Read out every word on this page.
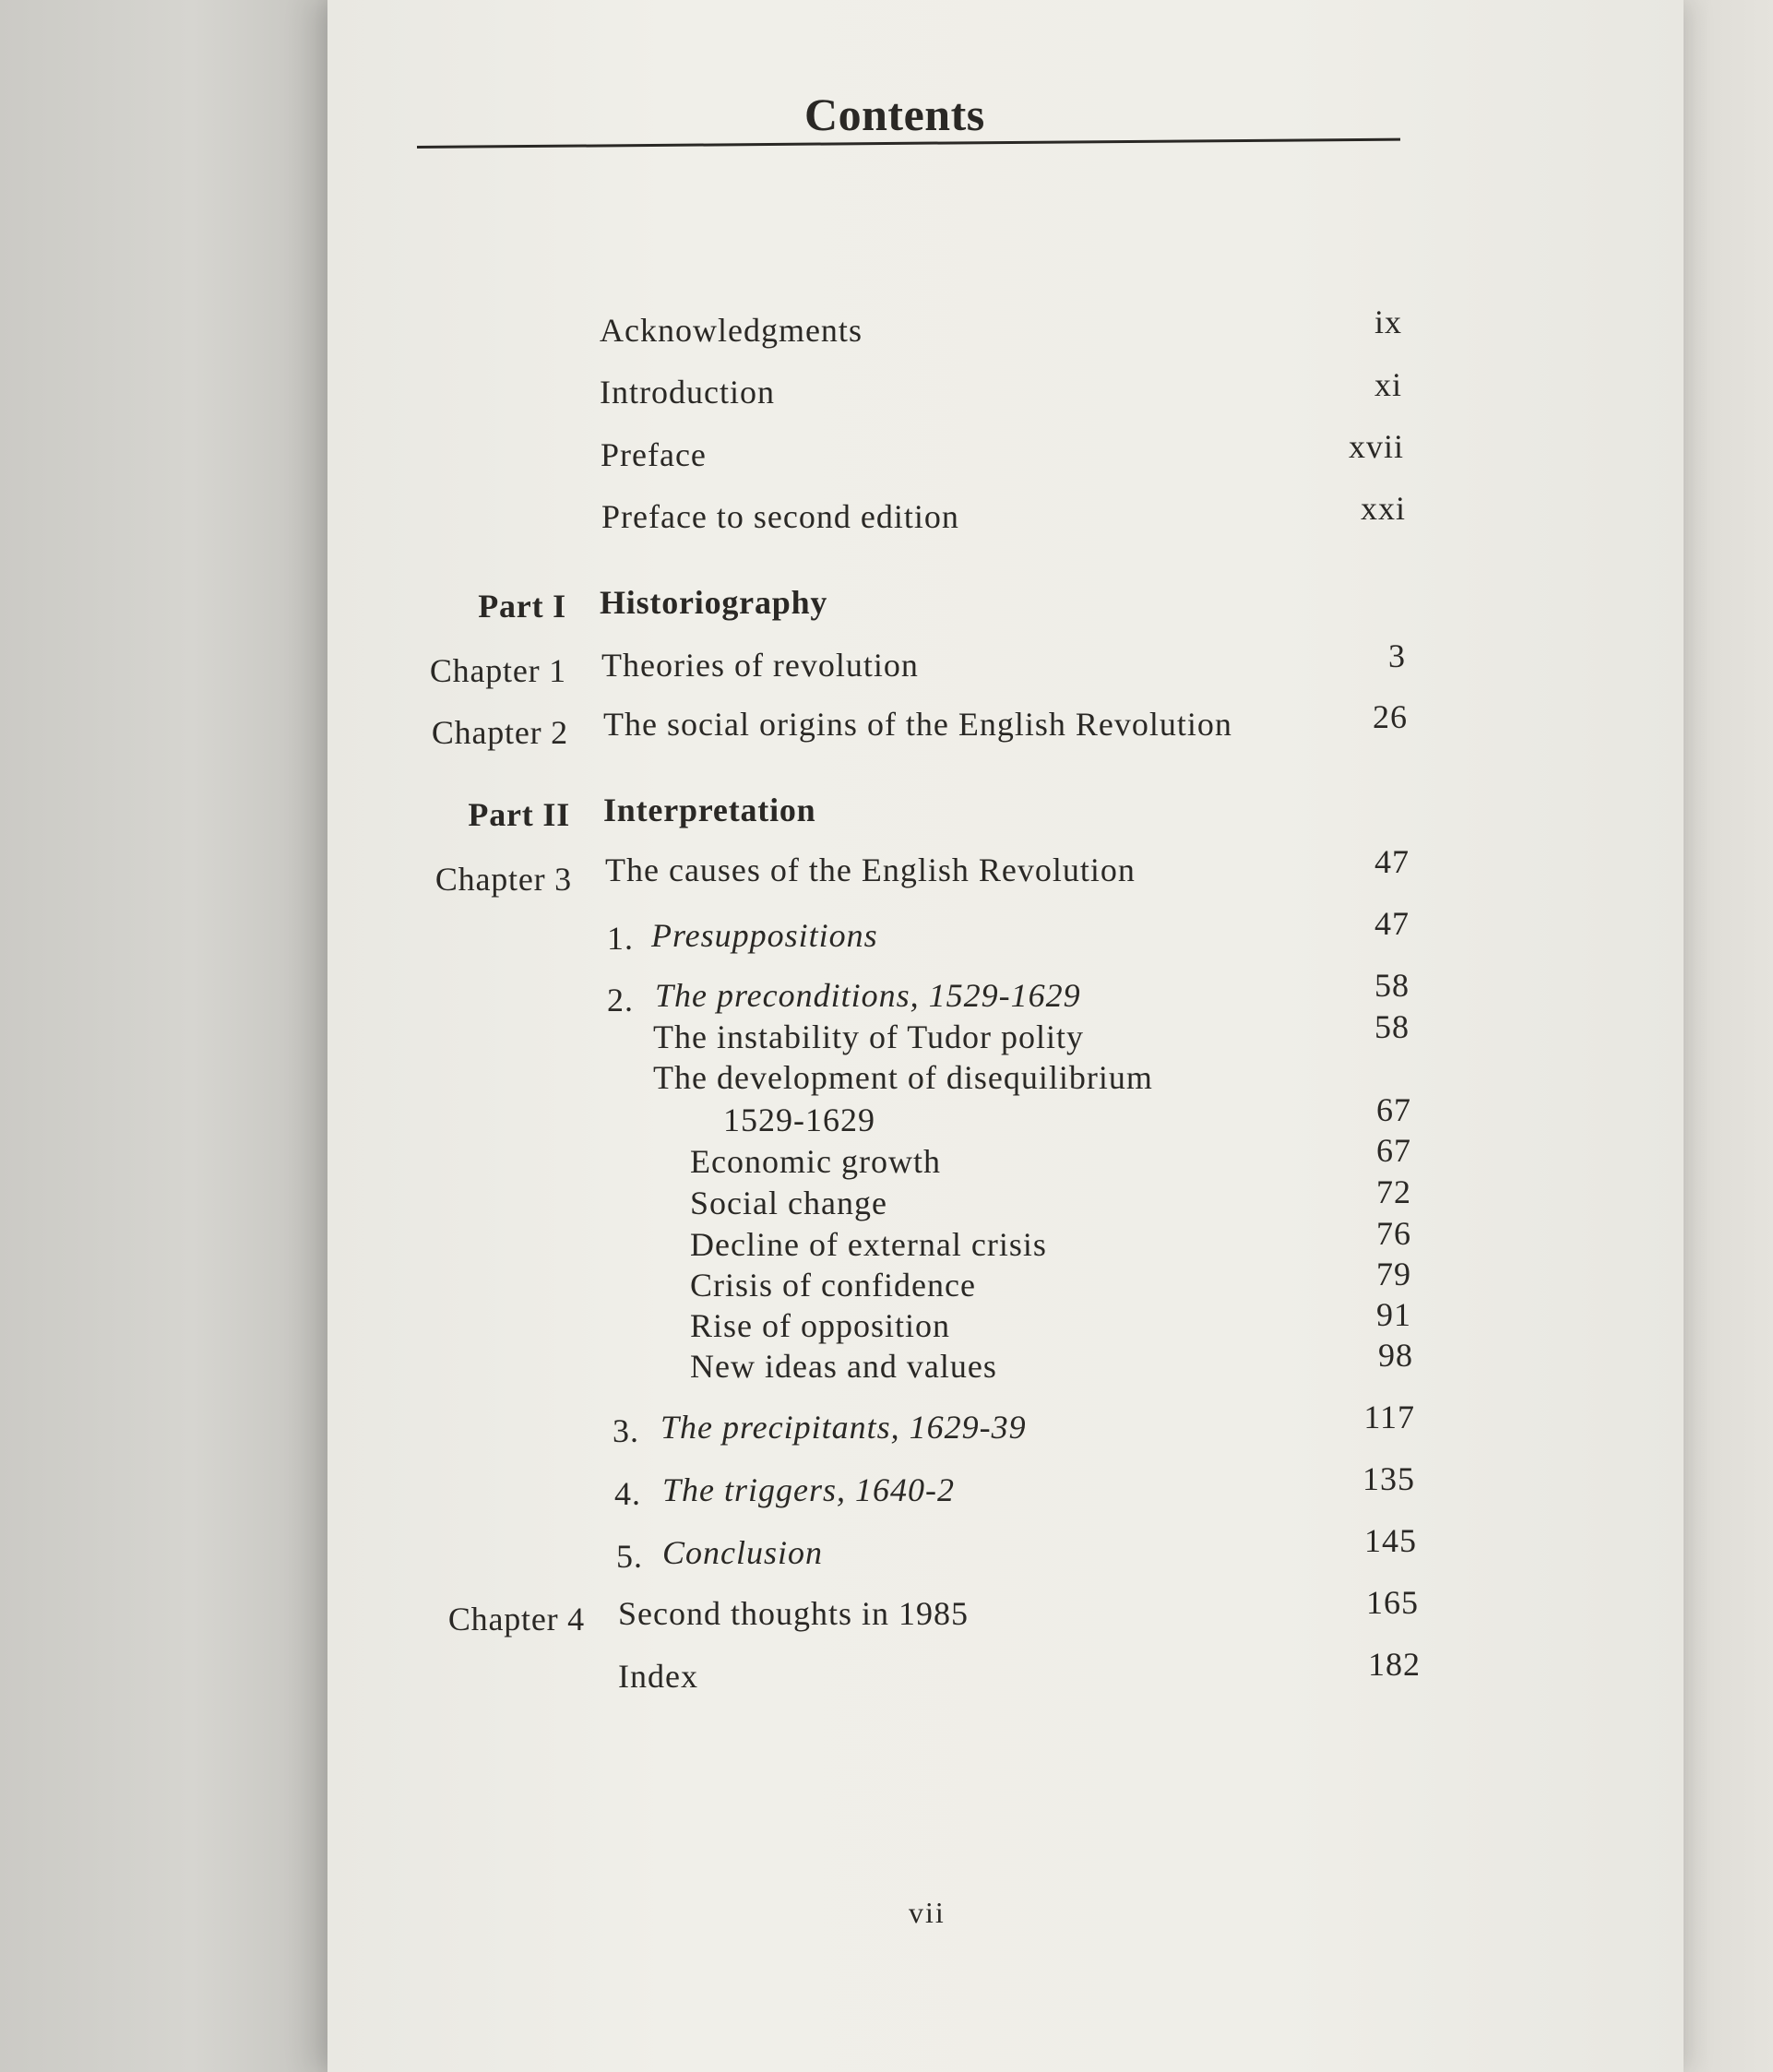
Contents
Acknowledgments	ix
Introduction	xi
Preface	xvii
Preface to second edition	xxi
Part I Historiography
Chapter 1 Theories of revolution	3
Chapter 2 The social origins of the English Revolution	26
Part II Interpretation
Chapter 3 The causes of the English Revolution	47
1. Presuppositions	47
2. The preconditions, 1529-1629	58
The instability of Tudor polity	58
The development of disequilibrium
1529-1629	67
Economic growth	67
Social change	72
Decline of external crisis	76
Crisis of confidence	79
Rise of opposition	91
New ideas and values	98
3. The precipitants, 1629-39	117
4. The triggers, 1640-2	135
5. Conclusion	145
Chapter 4 Second thoughts in 1985	165
Index	182
vii
